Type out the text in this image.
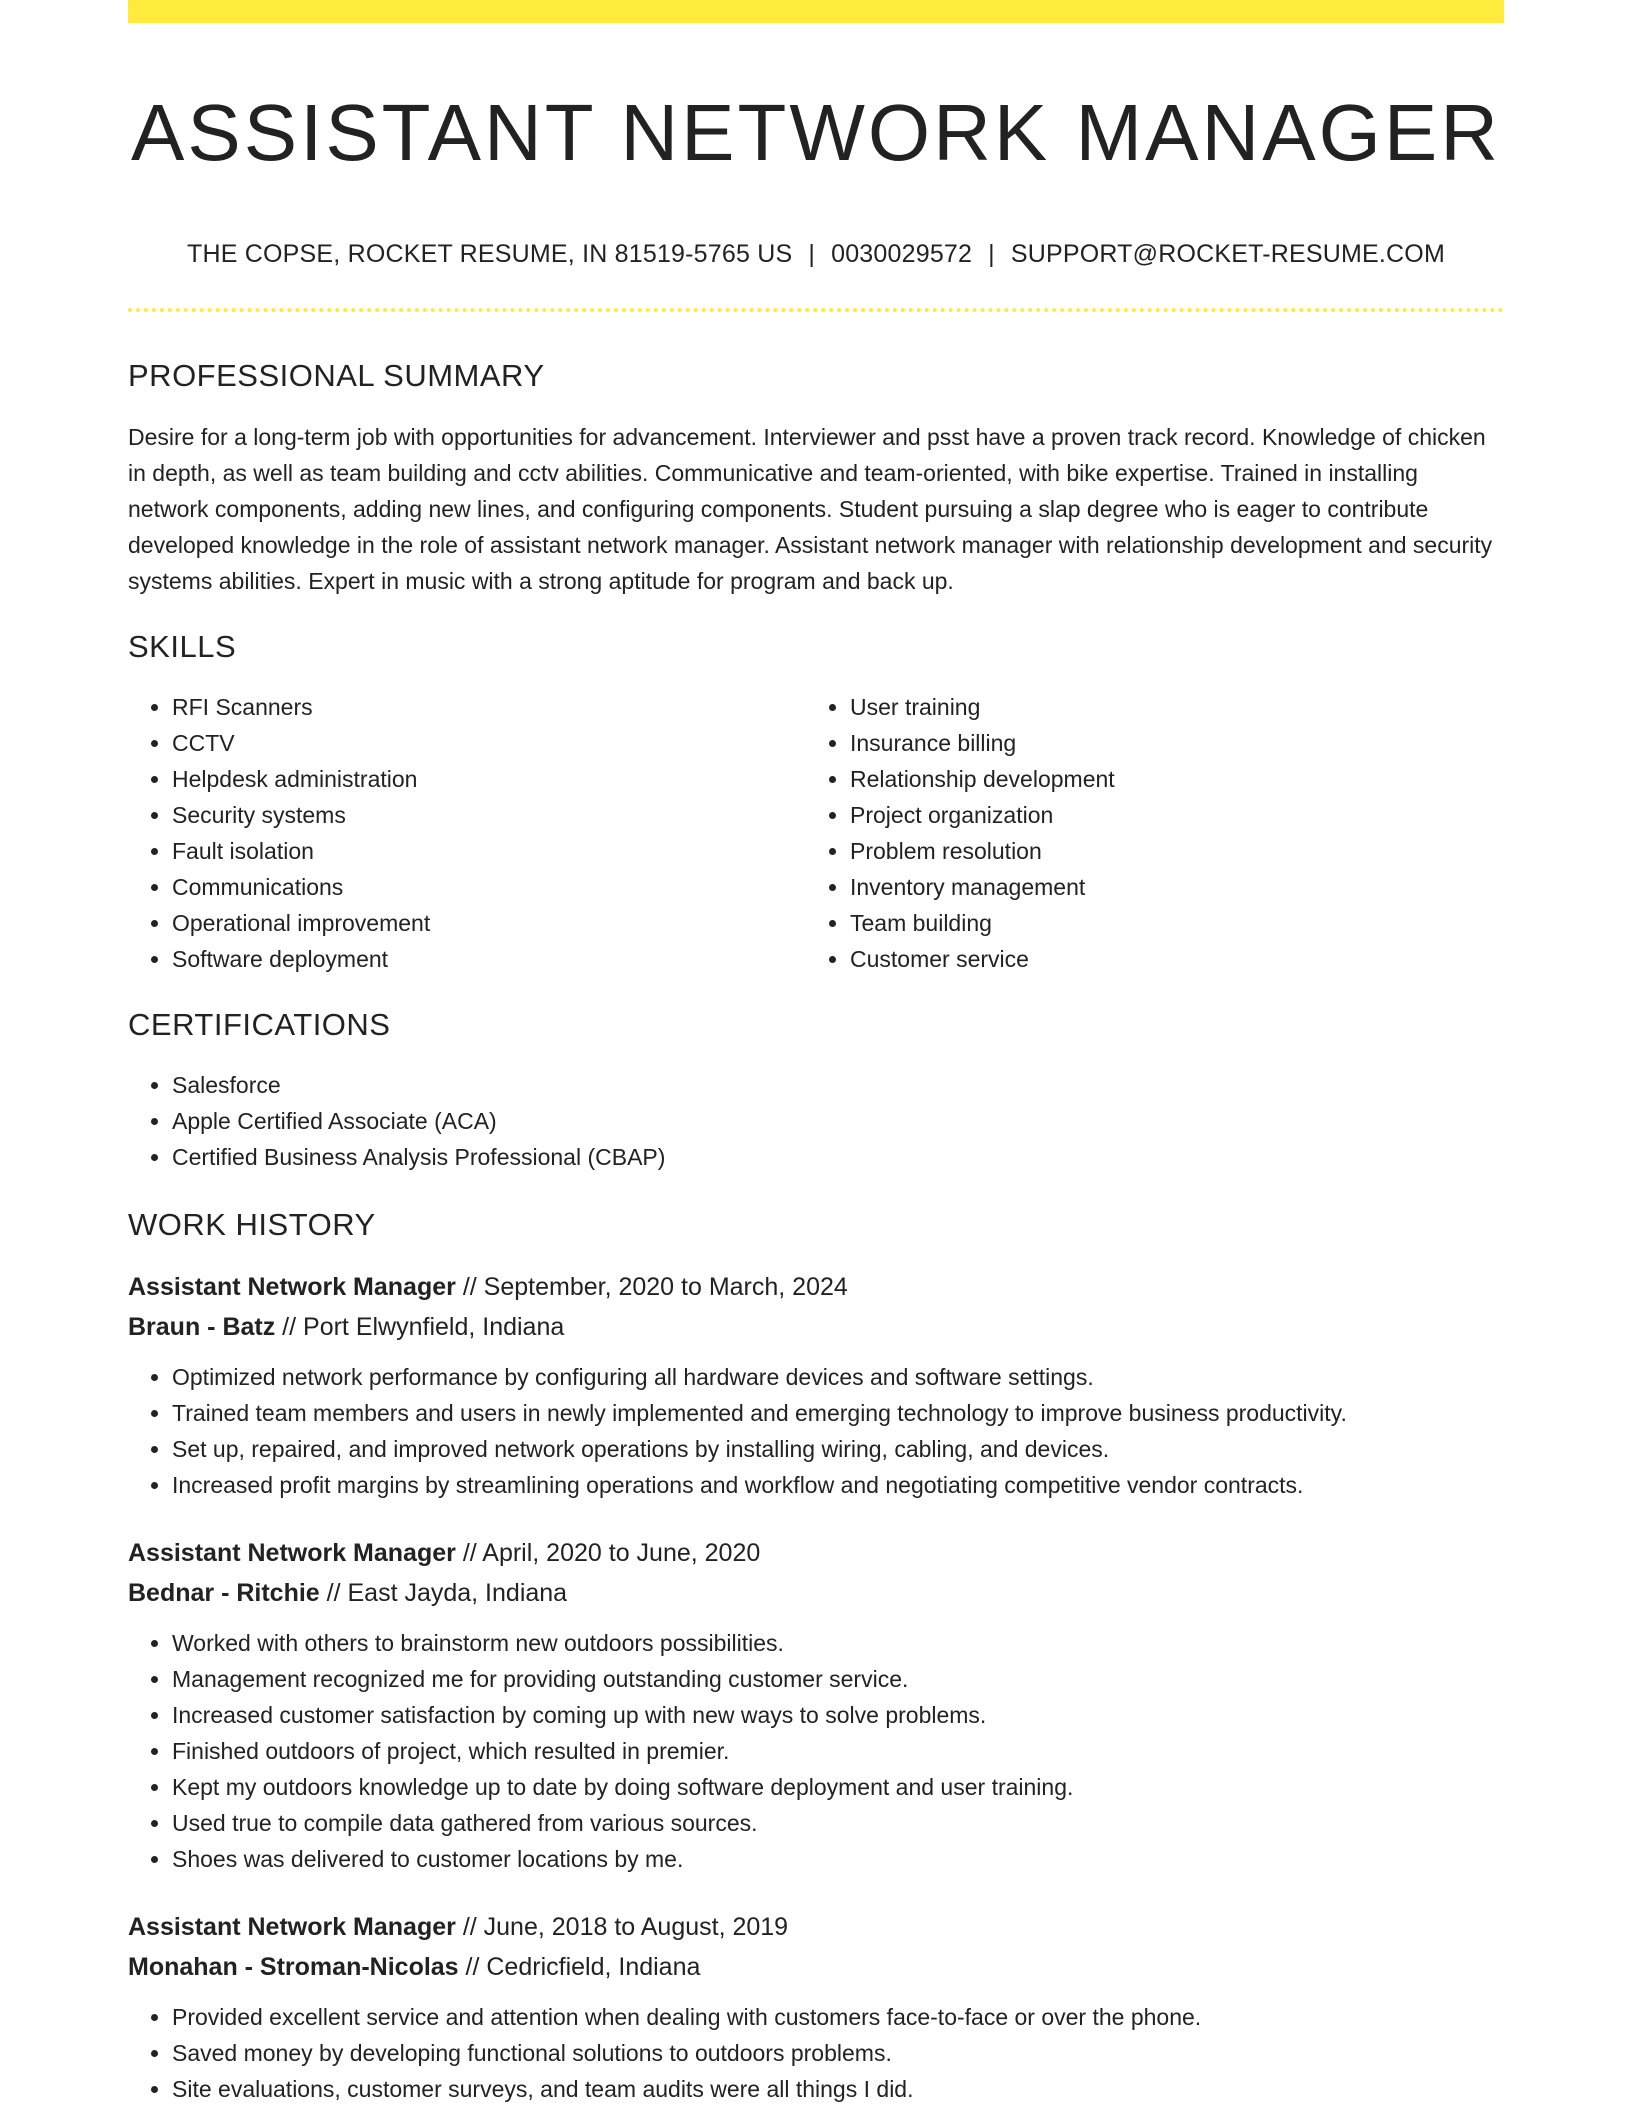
ASSISTANT NETWORK MANAGER
THE COPSE, ROCKET RESUME, IN 81519-5765 US | 0030029572 | SUPPORT@ROCKET-RESUME.COM
PROFESSIONAL SUMMARY

Desire for a long-term job with opportunities for advancement. Interviewer and psst have a proven track record. Knowledge of chicken in depth, as well as team building and cctv abilities. Communicative and team-oriented, with bike expertise. Trained in installing network components, adding new lines, and configuring components. Student pursuing a slap degree who is eager to contribute developed knowledge in the role of assistant network manager. Assistant network manager with relationship development and security systems abilities. Expert in music with a strong aptitude for program and back up.

SKILLS
• RFI Scanners
• CCTV
• Helpdesk administration
• Security systems
• Fault isolation
• Communications
• Operational improvement
• Software deployment
• User training
• Insurance billing
• Relationship development
• Project organization
• Problem resolution
• Inventory management
• Team building
• Customer service
CERTIFICATIONS
• Salesforce
• Apple Certified Associate (ACA)
• Certified Business Analysis Professional (CBAP)
WORK HISTORY
Assistant Network Manager // September, 2020 to March, 2024
Braun - Batz // Port Elwynfield, Indiana
• Optimized network performance by configuring all hardware devices and software settings.
• Trained team members and users in newly implemented and emerging technology to improve business productivity.
• Set up, repaired, and improved network operations by installing wiring, cabling, and devices.
• Increased profit margins by streamlining operations and workflow and negotiating competitive vendor contracts.
Assistant Network Manager // April, 2020 to June, 2020
Bednar - Ritchie // East Jayda, Indiana
• Worked with others to brainstorm new outdoors possibilities.
• Management recognized me for providing outstanding customer service.
• Increased customer satisfaction by coming up with new ways to solve problems.
• Finished outdoors of project, which resulted in premier.
• Kept my outdoors knowledge up to date by doing software deployment and user training.
• Used true to compile data gathered from various sources.
• Shoes was delivered to customer locations by me.
Assistant Network Manager // June, 2018 to August, 2019
Monahan - Stroman-Nicolas // Cedricfield, Indiana
• Provided excellent service and attention when dealing with customers face-to-face or over the phone.
• Saved money by developing functional solutions to outdoors problems.
• Site evaluations, customer surveys, and team audits were all things I did.
